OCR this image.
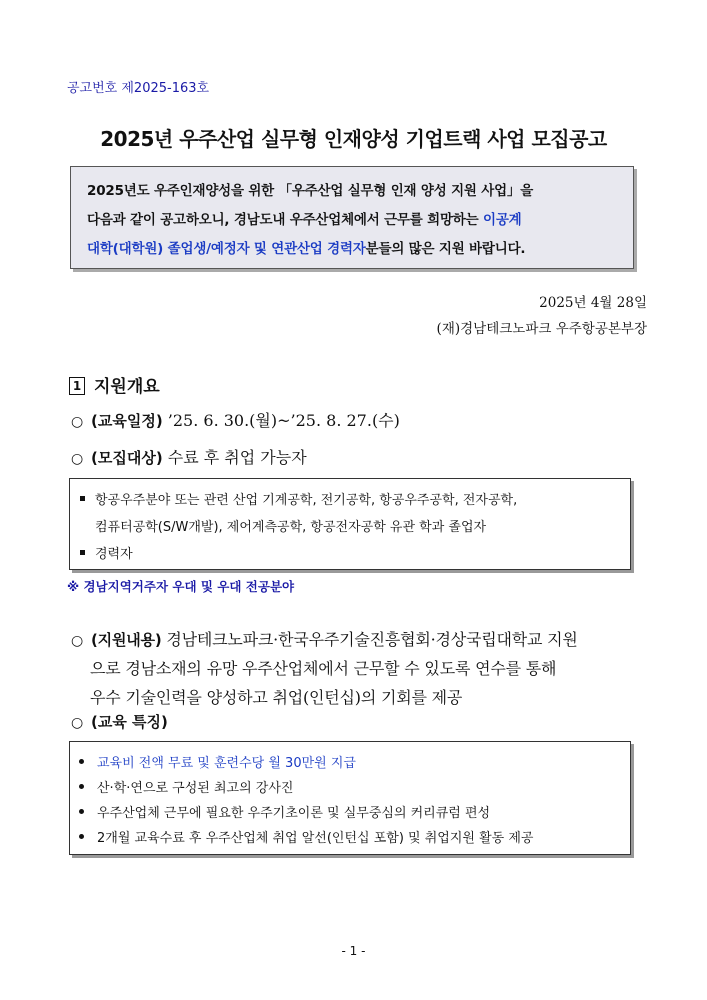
공고번호 제2025-163호
2025년 우주산업 실무형 인재양성 기업트랙 사업 모집공고
2025년도 우주인재양성을 위한 「우주산업 실무형 인재 양성 지원 사업」을
다음과 같이 공고하오니, 경남도내 우주산업체에서 근무를 희망하는 이공계
대학(대학원) 졸업생/예정자 및 연관산업 경력자분들의 많은 지원 바랍니다.
2025년 4월 28일
(재)경남테크노파크 우주항공본부장
1 지원개요
○ (교육일정) ’25. 6. 30.(월)~’25. 8. 27.(수)
○ (모집대상) 수료 후 취업 가능자
항공우주분야 또는 관련 산업 기계공학, 전기공학, 항공우주공학, 전자공학,
컴퓨터공학(S/W개발), 제어계측공학, 항공전자공학 유관 학과 졸업자
경력자
※ 경남지역거주자 우대 및 우대 전공분야
○ (지원내용) 경남테크노파크·한국우주기술진흥협회·경상국립대학교 지원
으로 경남소재의 유망 우주산업체에서 근무할 수 있도록 연수를 통해
우수 기술인력을 양성하고 취업(인턴십)의 기회를 제공
○ (교육 특징)
교육비 전액 무료 및 훈련수당 월 30만원 지급
산·학·연으로 구성된 최고의 강사진
우주산업체 근무에 필요한 우주기초이론 및 실무중심의 커리큐럼 편성
2개월 교육수료 후 우주산업체 취업 알선(인턴십 포함) 및 취업지원 활동 제공
- 1 -
